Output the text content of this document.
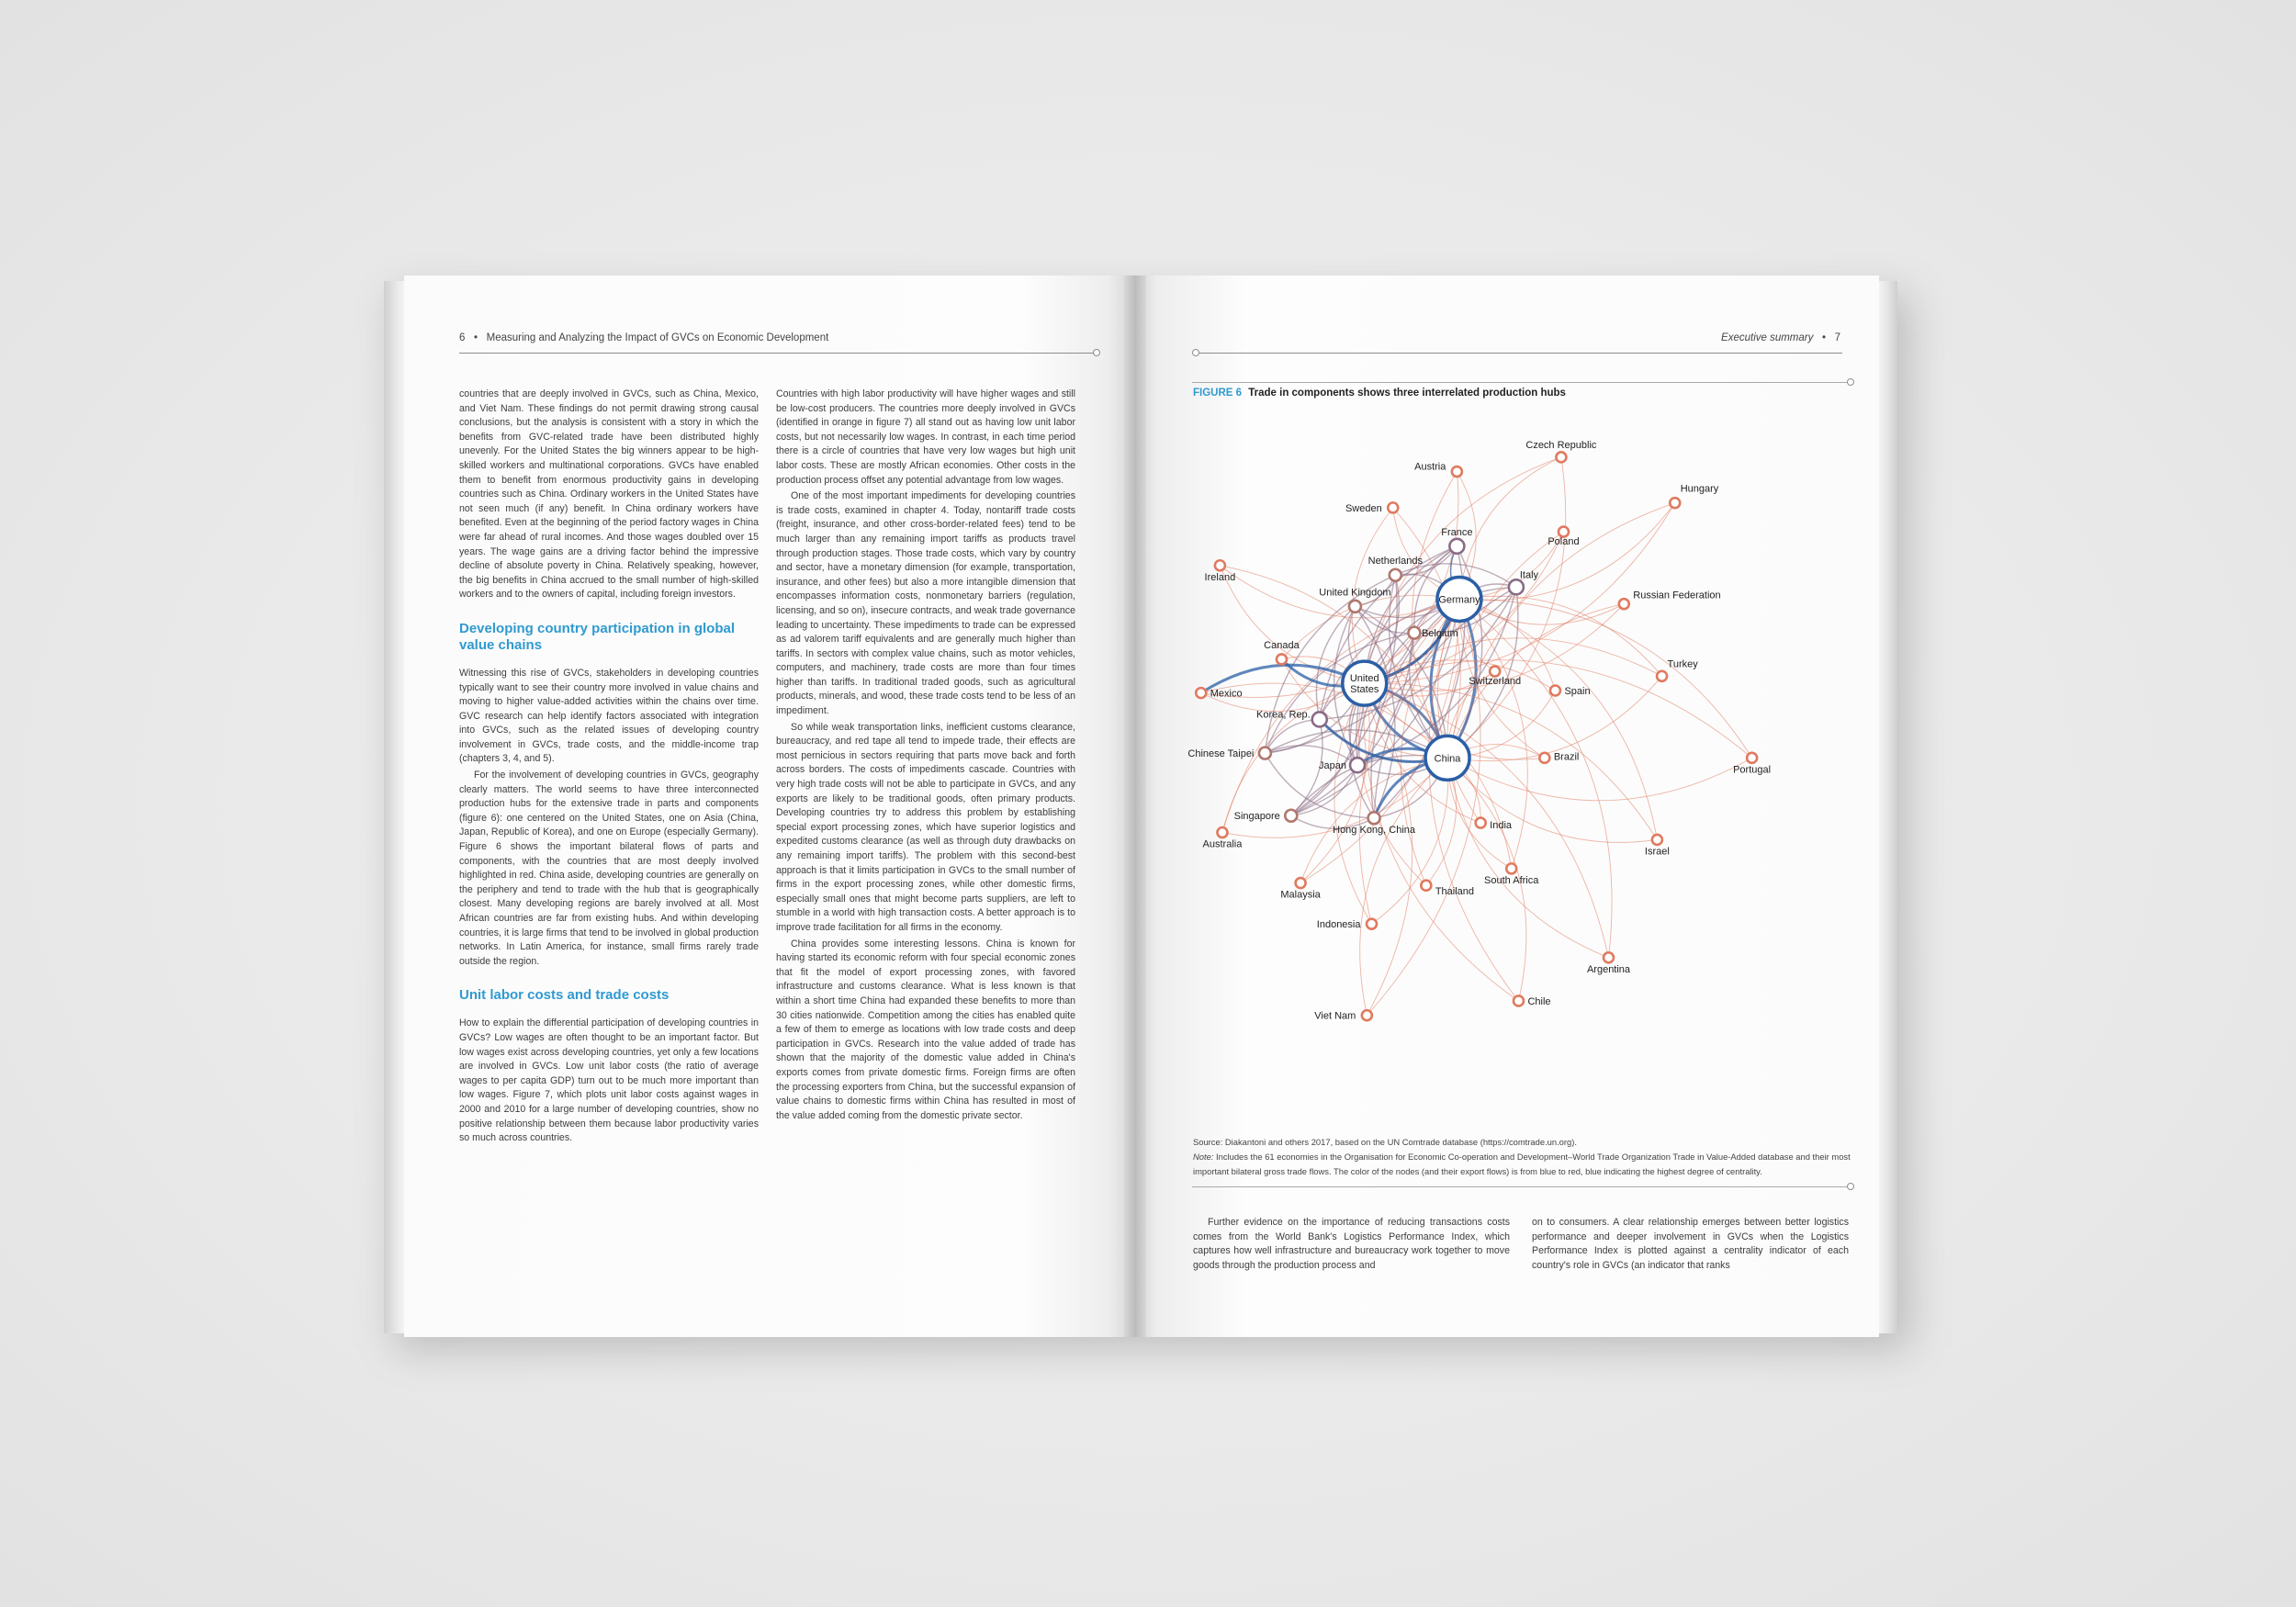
6   •   Measuring and Analyzing the Impact of GVCs on Economic Development

countries that are deeply involved in GVCs, such as China, Mexico, and Viet Nam. These findings do not permit drawing strong causal conclusions, but the analysis is consistent with a story in which the benefits from GVC-related trade have been distributed highly unevenly. For the United States the big winners appear to be high-skilled workers and multinational corporations. GVCs have enabled them to benefit from enormous productivity gains in developing countries such as China. Ordinary workers in the United States have not seen much (if any) benefit. In China ordinary workers have benefited. Even at the beginning of the period factory wages in China were far ahead of rural incomes. And those wages doubled over 15 years. The wage gains are a driving factor behind the impressive decline of absolute poverty in China. Relatively speaking, however, the big benefits in China accrued to the small number of high-skilled workers and to the owners of capital, including foreign investors.

Developing country participation in global value chains

Witnessing this rise of GVCs, stakeholders in developing countries typically want to see their country more involved in value chains and moving to higher value-added activities within the chains over time. GVC research can help identify factors associated with integration into GVCs, such as the related issues of developing country involvement in GVCs, trade costs, and the middle-income trap (chapters 3, 4, and 5).

For the involvement of developing countries in GVCs, geography clearly matters. The world seems to have three interconnected production hubs for the extensive trade in parts and components (figure 6): one centered on the United States, one on Asia (China, Japan, Republic of Korea), and one on Europe (especially Germany). Figure 6 shows the important bilateral flows of parts and components, with the countries that are most deeply involved highlighted in red. China aside, developing countries are generally on the periphery and tend to trade with the hub that is geographically closest. Many developing regions are barely involved at all. Most African countries are far from existing hubs. And within developing countries, it is large firms that tend to be involved in global production networks. In Latin America, for instance, small firms rarely trade outside the region.

Unit labor costs and trade costs

How to explain the differential participation of developing countries in GVCs? Low wages are often thought to be an important factor. But low wages exist across developing countries, yet only a few locations are involved in GVCs. Low unit labor costs (the ratio of average wages to per capita GDP) turn out to be much more important than low wages. Figure 7, which plots unit labor costs against wages in 2000 and 2010 for a large number of developing countries, show no positive relationship between them because labor productivity varies so much across countries.

Countries with high labor productivity will have higher wages and still be low-cost producers. The countries more deeply involved in GVCs (identified in orange in figure 7) all stand out as having low unit labor costs, but not necessarily low wages. In contrast, in each time period there is a circle of countries that have very low wages but high unit labor costs. These are mostly African economies. Other costs in the production process offset any potential advantage from low wages.

One of the most important impediments for developing countries is trade costs, examined in chapter 4. Today, nontariff trade costs (freight, insurance, and other cross-border-related fees) tend to be much larger than any remaining import tariffs as products travel through production stages. Those trade costs, which vary by country and sector, have a monetary dimension (for example, transportation, insurance, and other fees) but also a more intangible dimension that encompasses information costs, nonmonetary barriers (regulation, licensing, and so on), insecure contracts, and weak trade governance leading to uncertainty. These impediments to trade can be expressed as ad valorem tariff equivalents and are generally much higher than tariffs. In sectors with complex value chains, such as motor vehicles, computers, and machinery, trade costs are more than four times higher than tariffs. In traditional traded goods, such as agricultural products, minerals, and wood, these trade costs tend to be less of an impediment.

So while weak transportation links, inefficient customs clearance, bureaucracy, and red tape all tend to impede trade, their effects are most pernicious in sectors requiring that parts move back and forth across borders. The costs of impediments cascade. Countries with very high trade costs will not be able to participate in GVCs, and any exports are likely to be traditional goods, often primary products. Developing countries try to address this problem by establishing special export processing zones, which have superior logistics and expedited customs clearance (as well as through duty drawbacks on any remaining import tariffs). The problem with this second-best approach is that it limits participation in GVCs to the small number of firms in the export processing zones, while other domestic firms, especially small ones that might become parts suppliers, are left to stumble in a world with high transaction costs. A better approach is to improve trade facilitation for all firms in the economy.

China provides some interesting lessons. China is known for having started its economic reform with four special economic zones that fit the model of export processing zones, with favored infrastructure and customs clearance. What is less known is that within a short time China had expanded these benefits to more than 30 cities nationwide. Competition among the cities has enabled quite a few of them to emerge as locations with low trade costs and deep participation in GVCs. Research into the value added of trade has shown that the majority of the domestic value added in China's exports comes from private domestic firms. Foreign firms are often the processing exporters from China, but the successful expansion of value chains to domestic firms within China has resulted in most of the value added coming from the domestic private sector.

Executive summary   •   7
FIGURE 6 Trade in components shows three interrelated production hubs
China
United
States
Germany
Japan
France
Korea, Rep.
Italy
Netherlands
United Kingdom
Belgium
Chinese Taipei
Hong Kong, China
Singapore
Austria
Czech Republic
Hungary
Sweden
Poland
Ireland
Russian Federation
Turkey
Switzerland
Spain
Canada
Mexico
Brazil
Portugal
India
Israel
Australia
Malaysia	Thailand
South Africa
Indonesia
Argentina
Chile
Viet Nam
Source: Diakantoni and others 2017, based on the UN Comtrade database (https://comtrade.un.org).
Note: Includes the 61 economies in the Organisation for Economic Co-operation and Development–World Trade Organization Trade in Value-Added database and their most important bilateral gross trade flows. The color of the nodes (and their export flows) is from blue to red, blue indicating the highest degree of centrality.

Further evidence on the importance of reducing transactions costs comes from the World Bank's Logistics Performance Index, which captures how well infrastructure and bureaucracy work together to move goods through the production process and

on to consumers. A clear relationship emerges between better logistics performance and deeper involvement in GVCs when the Logistics Performance Index is plotted against a centrality indicator of each country's role in GVCs (an indicator that ranks
